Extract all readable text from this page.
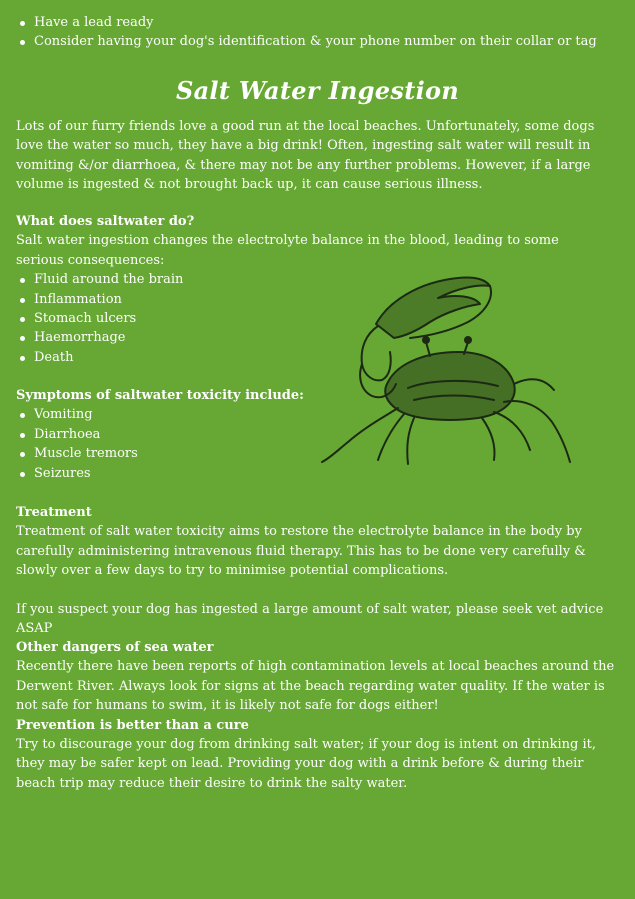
Have a lead ready
Consider having your dog's identification & your phone number on their collar or tag
Salt Water Ingestion

Lots of our furry friends love a good run at the local beaches. Unfortunately, some dogs love the water so much, they have a big drink! Often, ingesting salt water will result in vomiting &/or diarrhoea, & there may not be any further problems. However, if a large volume is ingested & not brought back up, it can cause serious illness.

What does saltwater do?

Salt water ingestion changes the electrolyte balance in the blood, leading to some serious consequences:

Fluid around the brain
Inflammation
Stomach ulcers
Haemorrhage
Death
Symptoms of saltwater toxicity include:
Vomiting
Diarrhoea
Muscle tremors
Seizures
Treatment

Treatment of salt water toxicity aims to restore the electrolyte balance in the body by carefully administering intravenous fluid therapy. This has to be done very carefully & slowly over a few days to try to minimise potential complications.

If you suspect your dog has ingested a large amount of salt water, please seek vet advice ASAP

Other dangers of sea water

Recently there have been reports of high contamination levels at local beaches around the Derwent River. Always look for signs at the beach regarding water quality. If the water is not safe for humans to swim, it is likely not safe for dogs either!

Prevention is better than a cure

Try to discourage your dog from drinking salt water; if your dog is intent on drinking it, they may be safer kept on lead. Providing your dog with a drink before & during their beach trip may reduce their desire to drink the salty water.
